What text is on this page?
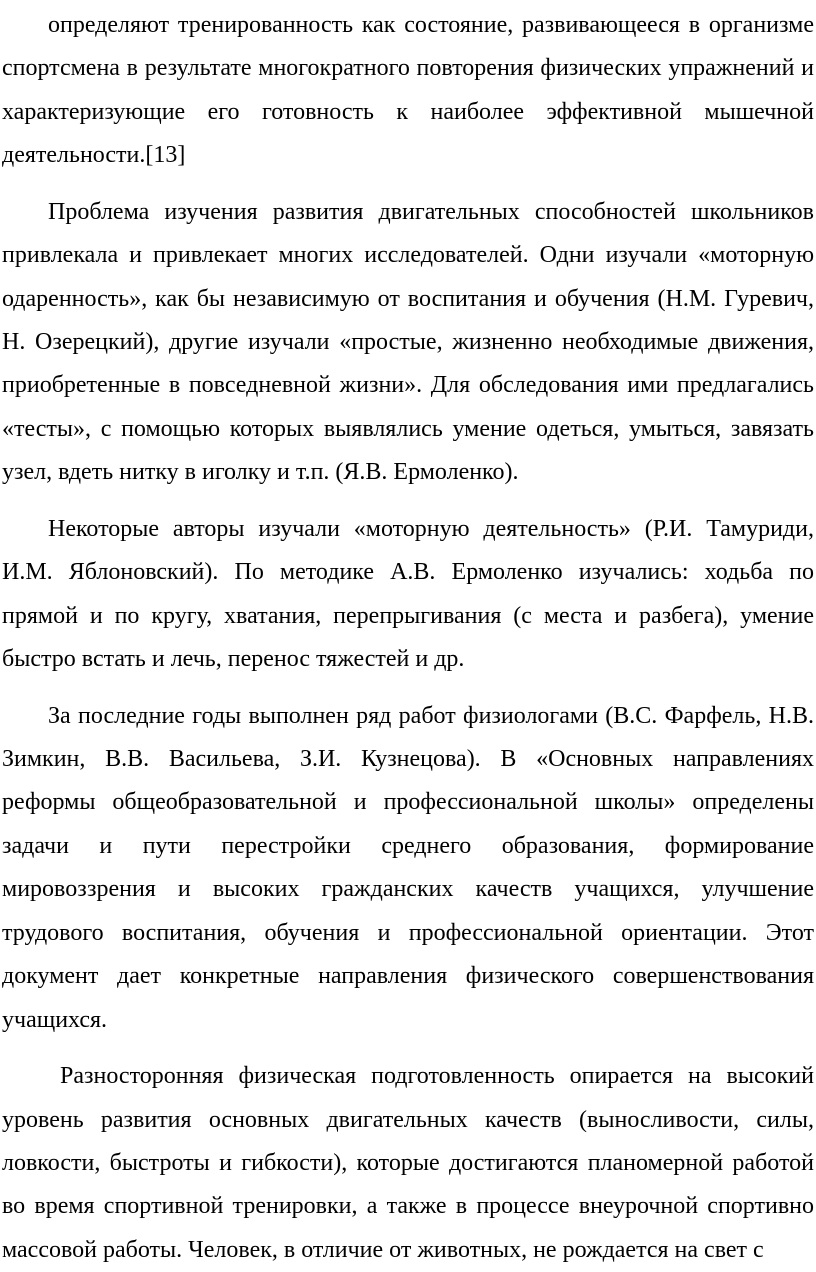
определяют тренированность как состояние, развивающееся в организме спортсмена в результате многократного повторения физических упражнений и характеризующие его готовность к наиболее эффективной мышечной деятельности.[13]

Проблема изучения развития двигательных способностей школьников привлекала и привлекает многих исследователей. Одни изучали «моторную одаренность», как бы независимую от воспитания и обучения (Н.М. Гуревич, Н. Озерецкий), другие изучали «простые, жизненно необходимые движения, приобретенные в повседневной жизни». Для обследования ими предлагались «тесты», с помощью которых выявлялись умение одеться, умыться, завязать узел, вдеть нитку в иголку и т.п. (Я.В. Ермоленко).

Некоторые авторы изучали «моторную деятельность» (Р.И. Тамуриди, И.М. Яблоновский). По методике А.В. Ермоленко изучались: ходьба по прямой и по кругу, хватания, перепрыгивания (с места и разбега), умение быстро встать и лечь, перенос тяжестей и др.

За последние годы выполнен ряд работ физиологами (В.С. Фарфель, Н.В. Зимкин, В.В. Васильева, З.И. Кузнецова). В «Основных направлениях реформы общеобразовательной и профессиональной школы» определены задачи и пути перестройки среднего образования, формирование мировоззрения и высоких гражданских качеств учащихся, улучшение трудового воспитания, обучения и профессиональной ориентации. Этот документ дает конкретные направления физического совершенствования учащихся.

Разносторонняя физическая подготовленность опирается на высокий уровень развития основных двигательных качеств (выносливости, силы, ловкости, быстроты и гибкости), которые достигаются планомерной работой во время спортивной тренировки, а также в процессе внеурочной спортивно массовой работы. Человек, в отличие от животных, не рождается на свет с
